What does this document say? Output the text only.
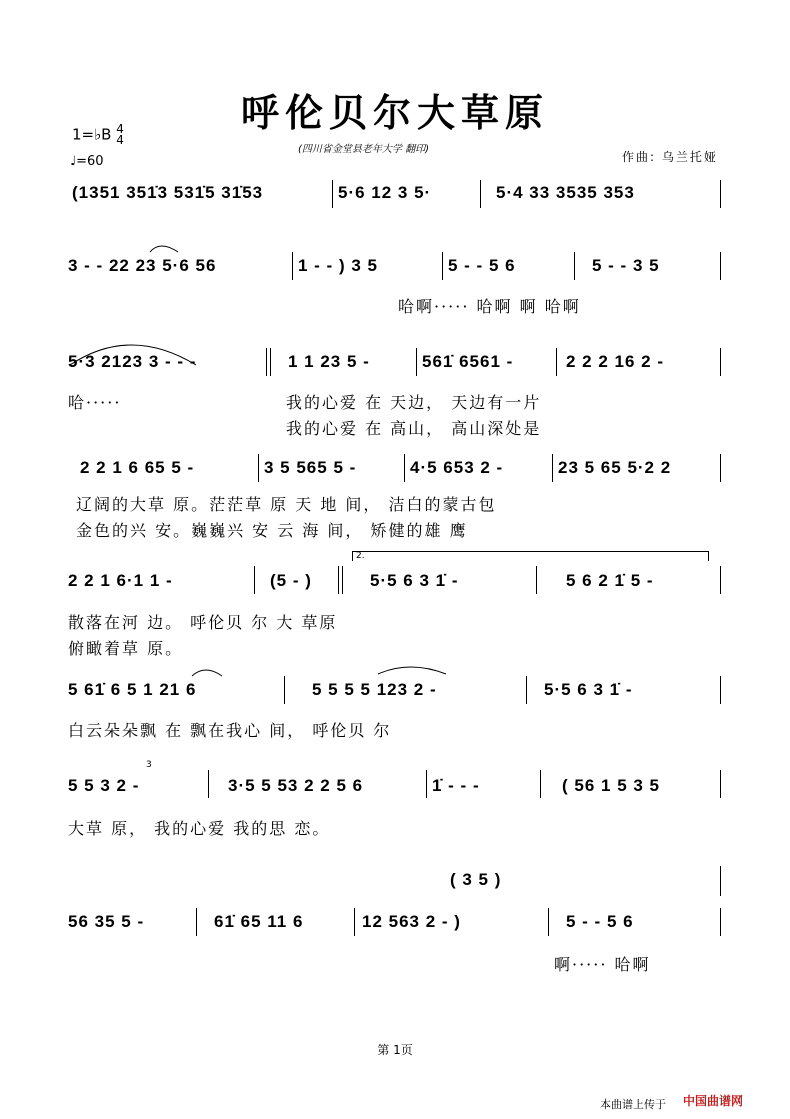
呼伦贝尔大草原
(四川省金堂县老年大学 翻印)
作曲: 乌兰托娅
1=♭B 4
4
♩=60
(1351 351̇3 531̇5 31̇53	5·6 12 3 5·	5·4 33 3535 353
3 - - 22 23 5·6 56	1 - - ) 3 5	5 - - 5 6	5 - - 3 5
哈啊····· 哈啊 啊 哈啊
5·3 2123 3 - - -	1 1 23 5 -	561̇ 6561 -	2 2 2 16 2 -
哈·····	我的心爱 在 天边， 天边有一片
我的心爱 在 高山， 高山深处是
2 2 1 6 65 5 -	3 5 565 5 -	4·5 653 2 -	23 5 65 5·2 2
辽阔的大草 原。茫茫草 原 天 地 间， 洁白的蒙古包
金色的兴 安。巍巍兴 安 云 海 间， 矫健的雄 鹰
2.
2 2 1 6·1 1 -	(5 - )	5·5 6 3 1̇ -	5 6 2 1̇ 5 -
散落在河 边。 呼伦贝 尔 大 草原
俯瞰着草 原。
5 61̇ 6 5 1 21 6	5 5 5 5 123 2 -	5·5 6 3 1̇ -
白云朵朵飘 在 飘在我心 间， 呼伦贝 尔
3
5 5 3 2 -	3·5 5 53 2 2 5 6	1̇ - - -	( 56 1 5 3 5
大草 原， 我的心爱 我的思 恋。
( 3 5 )
56 35 5 -	61̇ 65 11 6	12 563 2 - )	5 - - 5 6
啊····· 哈啊
第 1页
本曲谱上传于 中国曲谱网
